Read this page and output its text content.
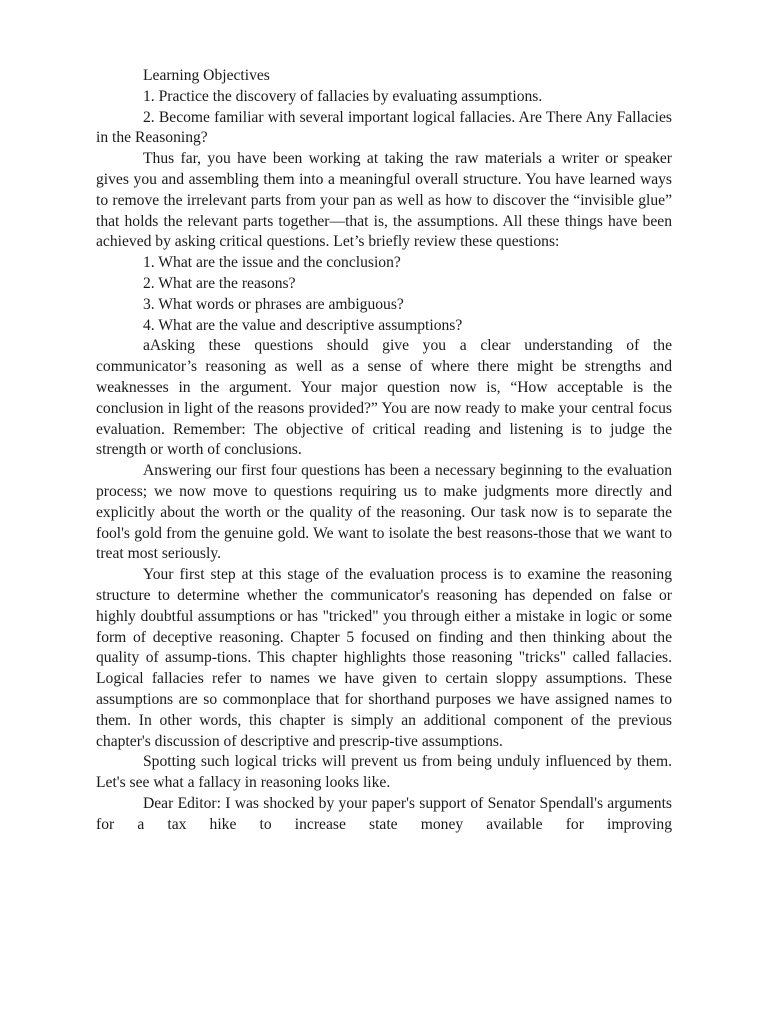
Learning Objectives

1. Practice the discovery of fallacies by evaluating assumptions.

2. Become familiar with several important logical fallacies. Are There Any Fallacies in the Reasoning?

Thus far, you have been working at taking the raw materials a writer or speaker gives you and assembling them into a meaningful overall structure. You have learned ways to remove the irrelevant parts from your pan as well as how to discover the “invisible glue” that holds the relevant parts together—that is, the assumptions. All these things have been achieved by asking critical questions. Let’s briefly review these questions:

1. What are the issue and the conclusion?

2. What are the reasons?

3. What words or phrases are ambiguous?

4. What are the value and descriptive assumptions?

aAsking these questions should give you a clear understanding of the communicator’s reasoning as well as a sense of where there might be strengths and weaknesses in the argument. Your major question now is, “How acceptable is the conclusion in light of the reasons provided?” You are now ready to make your central focus evaluation. Remember: The objective of critical reading and listening is to judge the strength or worth of conclusions.

Answering our first four questions has been a necessary beginning to the evaluation process; we now move to questions requiring us to make judgments more directly and explicitly about the worth or the quality of the reasoning. Our task now is to separate the fool's gold from the genuine gold. We want to isolate the best reasons-those that we want to treat most seriously.

Your first step at this stage of the evaluation process is to examine the reasoning structure to determine whether the communicator's reasoning has depended on false or highly doubtful assumptions or has "tricked" you through either a mistake in logic or some form of deceptive reasoning. Chapter 5 focused on finding and then thinking about the quality of assump-tions. This chapter highlights those reasoning "tricks" called fallacies. Logical fallacies refer to names we have given to certain sloppy assumptions. These assumptions are so commonplace that for shorthand purposes we have assigned names to them. In other words, this chapter is simply an additional component of the previous chapter's discussion of descriptive and prescrip-tive assumptions.

Spotting such logical tricks will prevent us from being unduly influenced by them. Let's see what a fallacy in reasoning looks like.

Dear Editor: I was shocked by your paper's support of Senator Spendall's arguments for a tax hike to increase state money available for improving
